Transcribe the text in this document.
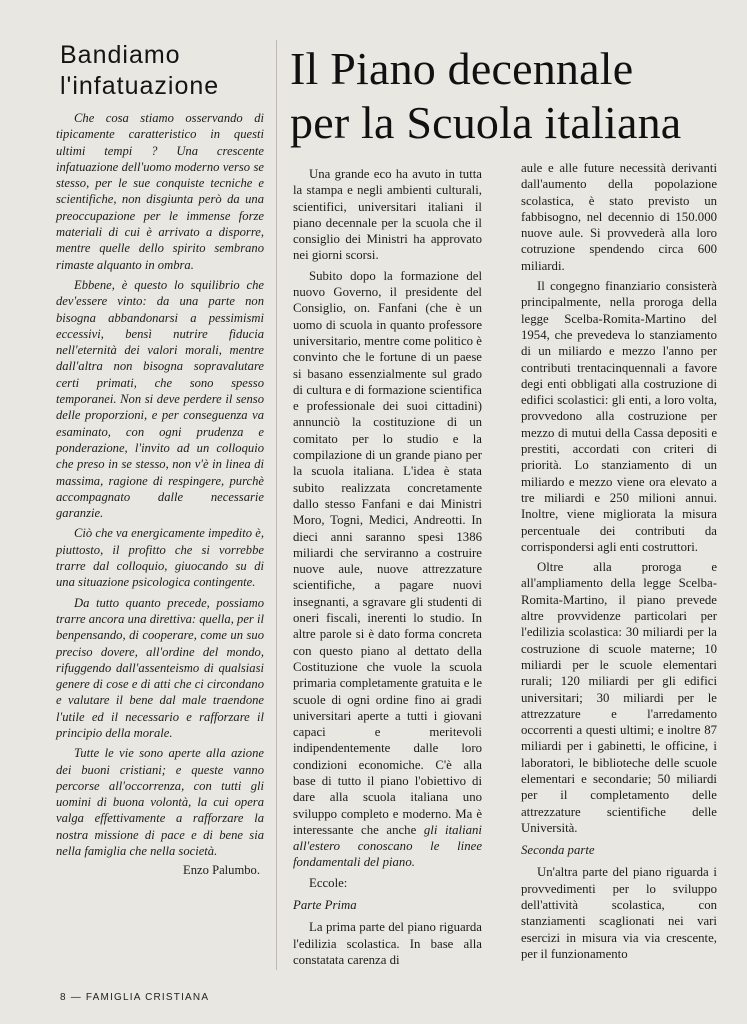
Bandiamo
l'infatuazione

Che cosa stiamo osservando di tipicamente caratteristico in questi ultimi tempi ? Una crescente infatuazione dell'uomo moderno verso se stesso, per le sue conquiste tecniche e scientifiche, non disgiunta però da una preoccupazione per le immense forze materiali di cui è arrivato a disporre, mentre quelle dello spirito sembrano rimaste alquanto in ombra.

Ebbene, è questo lo squilibrio che dev'essere vinto: da una parte non bisogna abbandonarsi a pessimismi eccessivi, bensì nutrire fiducia nell'eternità dei valori morali, mentre dall'altra non bisogna sopravalutare certi primati, che sono spesso temporanei. Non si deve perdere il senso delle proporzioni, e per conseguenza va esaminato, con ogni prudenza e ponderazione, l'invito ad un colloquio che preso in se stesso, non v'è in linea di massima, ragione di respingere, purchè accompagnato dalle necessarie garanzie.

Ciò che va energicamente impedito è, piuttosto, il profitto che si vorrebbe trarre dal colloquio, giuocando su di una situazione psicologica contingente.

Da tutto quanto precede, possiamo trarre ancora una direttiva: quella, per il benpensando, di cooperare, come un suo preciso dovere, all'ordine del mondo, rifuggendo dall'assenteismo di qualsiasi genere di cose e di atti che ci circondano e valutare il bene dal male traendone l'utile ed il necessario e rafforzare il principio della morale.

Tutte le vie sono aperte alla azione dei buoni cristiani; e queste vanno percorse all'occorrenza, con tutti gli uomini di buona volontà, la cui opera valga effettivamente a rafforzare la nostra missione di pace e di bene sia nella famiglia che nella società.

Enzo Palumbo.
Il Piano decennale
per la Scuola italiana

Una grande eco ha avuto in tutta la stampa e negli ambienti culturali, scientifici, universitari italiani il piano decennale per la scuola che il consiglio dei Ministri ha approvato nei giorni scorsi.

Subito dopo la formazione del nuovo Governo, il presidente del Consiglio, on. Fanfani (che è un uomo di scuola in quanto professore universitario, mentre come politico è convinto che le fortune di un paese si basano essenzialmente sul grado di cultura e di formazione scientifica e professionale dei suoi cittadini) annunciò la costituzione di un comitato per lo studio e la compilazione di un grande piano per la scuola italiana. L'idea è stata subito realizzata concretamente dallo stesso Fanfani e dai Ministri Moro, Togni, Medici, Andreotti. In dieci anni saranno spesi 1386 miliardi che serviranno a costruire nuove aule, nuove attrezzature scientifiche, a pagare nuovi insegnanti, a sgravare gli studenti di oneri fiscali, inerenti lo studio. In altre parole si è dato forma concreta con questo piano al dettato della Costituzione che vuole la scuola primaria completamente gratuita e le scuole di ogni ordine fino ai gradi universitari aperte a tutti i giovani capaci e meritevoli indipendentemente dalle loro condizioni economiche. C'è alla base di tutto il piano l'obiettivo di dare alla scuola italiana uno sviluppo completo e moderno. Ma è interessante che anche gli italiani all'estero conoscano le linee fondamentali del piano.

Eccole:

Parte Prima

La prima parte del piano riguarda l'edilizia scolastica. In base alla constatata carenza di

aule e alle future necessità derivanti dall'aumento della popolazione scolastica, è stato previsto un fabbisogno, nel decennio di 150.000 nuove aule. Si provvederà alla loro cotruzione spendendo circa 600 miliardi.

Il congegno finanziario consisterà principalmente, nella proroga della legge Scelba-Romita-Martino del 1954, che prevedeva lo stanziamento di un miliardo e mezzo l'anno per contributi trentacinquennali a favore degi enti obbligati alla costruzione di edifici scolastici: gli enti, a loro volta, provvedono alla costruzione per mezzo di mutui della Cassa depositi e prestiti, accordati con criteri di priorità. Lo stanziamento di un miliardo e mezzo viene ora elevato a tre miliardi e 250 milioni annui. Inoltre, viene migliorata la misura percentuale dei contributi da corrispondersi agli enti costruttori.

Oltre alla proroga e all'ampliamento della legge Scelba-Romita-Martino, il piano prevede altre provvidenze particolari per l'edilizia scolastica: 30 miliardi per la costruzione di scuole materne; 10 miliardi per le scuole elementari rurali; 120 miliardi per gli edifici universitari; 30 miliardi per le attrezzature e l'arredamento occorrenti a questi ultimi; e inoltre 87 miliardi per i gabinetti, le officine, i laboratori, le biblioteche delle scuole elementari e secondarie; 50 miliardi per il completamento delle attrezzature scientifiche delle Università.

Seconda parte

Un'altra parte del piano riguarda i provvedimenti per lo sviluppo dell'attività scolastica, con stanziamenti scaglionati nei vari esercizi in misura via via crescente, per il funzionamento

8 — FAMIGLIA CRISTIANA
